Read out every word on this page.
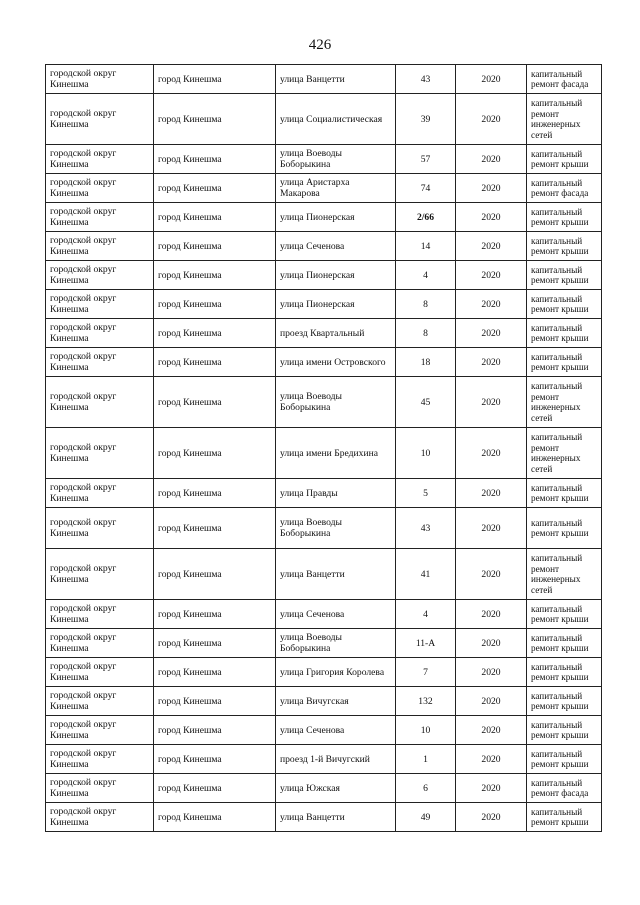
426
городской округ Кинешма	город Кинешма	улица Ванцетти	43	2020	капитальный ремонт фасада
городской округ Кинешма	город Кинешма	улица Социалистическая	39	2020	капитальный ремонт инженерных сетей
городской округ Кинешма	город Кинешма	улица Воеводы Боборыкина	57	2020	капитальный ремонт крыши
городской округ Кинешма	город Кинешма	улица Аристарха Макарова	74	2020	капитальный ремонт фасада
городской округ Кинешма	город Кинешма	улица Пионерская	2/66	2020	капитальный ремонт крыши
городской округ Кинешма	город Кинешма	улица Сеченова	14	2020	капитальный ремонт крыши
городской округ Кинешма	город Кинешма	улица Пионерская	4	2020	капитальный ремонт крыши
городской округ Кинешма	город Кинешма	улица Пионерская	8	2020	капитальный ремонт крыши
городской округ Кинешма	город Кинешма	проезд Квартальный	8	2020	капитальный ремонт крыши
городской округ Кинешма	город Кинешма	улица имени Островского	18	2020	капитальный ремонт крыши
городской округ Кинешма	город Кинешма	улица Воеводы Боборыкина	45	2020	капитальный ремонт инженерных сетей
городской округ Кинешма	город Кинешма	улица имени Бредихина	10	2020	капитальный ремонт инженерных сетей
городской округ Кинешма	город Кинешма	улица Правды	5	2020	капитальный ремонт крыши
городской округ Кинешма	город Кинешма	улица Воеводы Боборыкина	43	2020	капитальный ремонт крыши
городской округ Кинешма	город Кинешма	улица Ванцетти	41	2020	капитальный ремонт инженерных сетей
городской округ Кинешма	город Кинешма	улица Сеченова	4	2020	капитальный ремонт крыши
городской округ Кинешма	город Кинешма	улица Воеводы Боборыкина	11-А	2020	капитальный ремонт крыши
городской округ Кинешма	город Кинешма	улица Григория Королева	7	2020	капитальный ремонт крыши
городской округ Кинешма	город Кинешма	улица Вичугская	132	2020	капитальный ремонт крыши
городской округ Кинешма	город Кинешма	улица Сеченова	10	2020	капитальный ремонт крыши
городской округ Кинешма	город Кинешма	проезд 1-й Вичугский	1	2020	капитальный ремонт крыши
городской округ Кинешма	город Кинешма	улица Южская	6	2020	капитальный ремонт фасада
городской округ Кинешма	город Кинешма	улица Ванцетти	49	2020	капитальный ремонт крыши
